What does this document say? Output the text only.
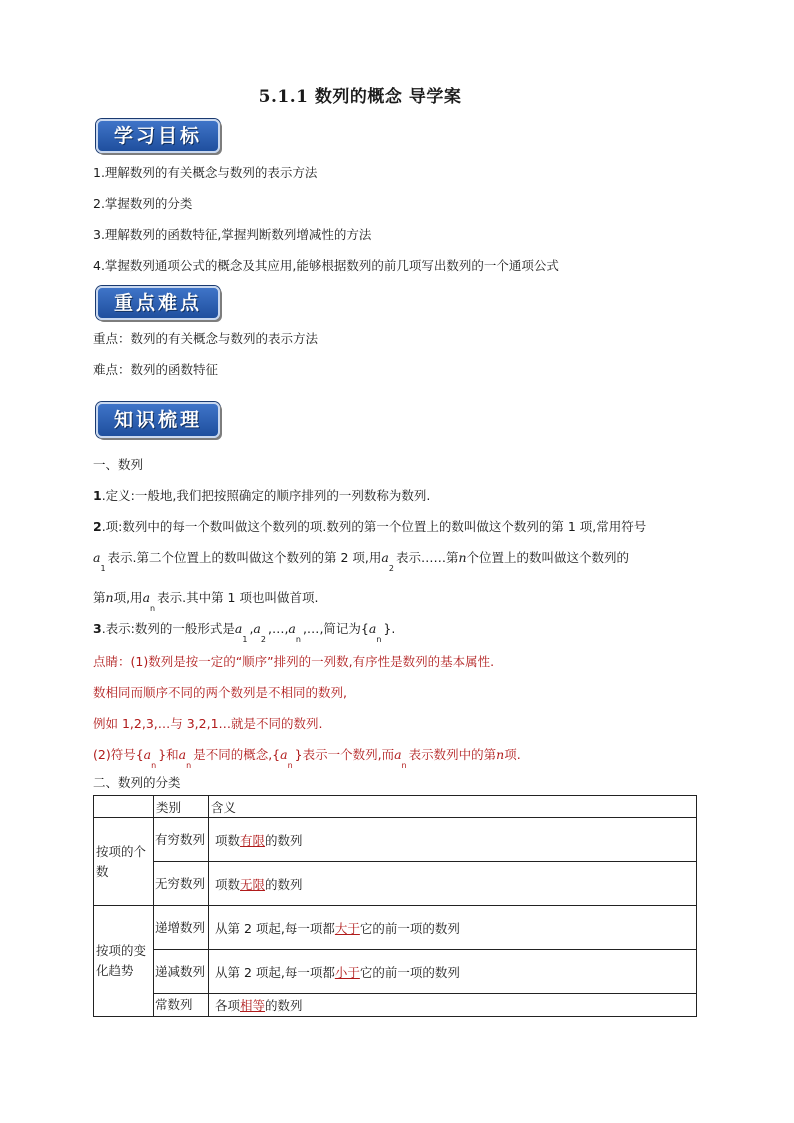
5.1.1 数列的概念 导学案
学习目标
1.理解数列的有关概念与数列的表示方法
2.掌握数列的分类
3.理解数列的函数特征,掌握判断数列增减性的方法
4.掌握数列通项公式的概念及其应用,能够根据数列的前几项写出数列的一个通项公式
重点难点
重点：数列的有关概念与数列的表示方法
难点：数列的函数特征
知识梳理
一、数列
1.定义:一般地,我们把按照确定的顺序排列的一列数称为数列.
2.项:数列中的每一个数叫做这个数列的项.数列的第一个位置上的数叫做这个数列的第 1 项,常用符号
$a_1$表示.第二个位置上的数叫做这个数列的第 2 项,用$a_2$表示……第n个位置上的数叫做这个数列的
第n项,用$a_n$表示.其中第 1 项也叫做首项.
3.表示:数列的一般形式是$a_1,a_2,\dots,a_n,\dots$,简记为$\{a_n\}$.
点睛：(1)数列是按一定的“顺序”排列的一列数,有序性是数列的基本属性.
数相同而顺序不同的两个数列是不相同的数列,
例如 1,2,3,…与 3,2,1…就是不同的数列.
(2)符号$\{a_n\}$和$a_n$是不同的概念$,\{a_n\}$表示一个数列,而$a_n$表示数列中的第n项.
二、数列的分类
	类别	含义
按项的个数	有穷数列	项数有限的数列
	无穷数列	项数无限的数列
按项的变化趋势	递增数列	从第 2 项起,每一项都大于它的前一项的数列
	递减数列	从第 2 项起,每一项都小于它的前一项的数列
	常数列	各项相等的数列
